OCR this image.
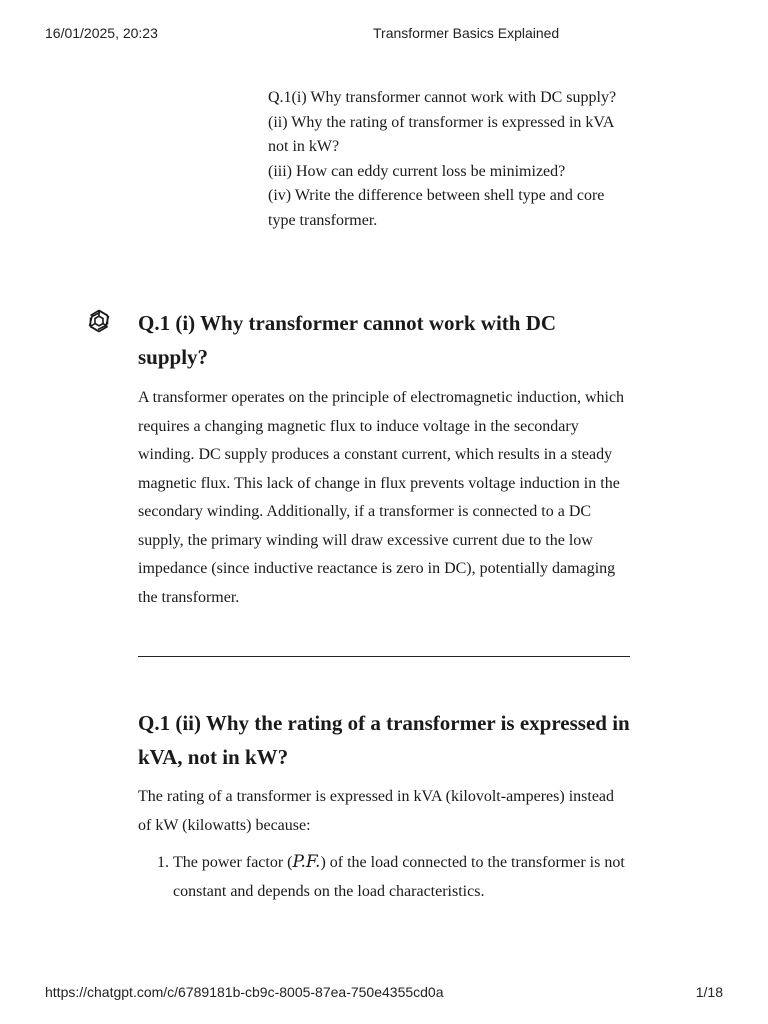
16/01/2025, 20:23	Transformer Basics Explained
Q.1(i) Why transformer cannot work with DC supply?
(ii) Why the rating of transformer is expressed in kVA not in kW?
(iii) How can eddy current loss be minimized?
(iv) Write the difference between shell type and core type transformer.
Q.1 (i) Why transformer cannot work with DC supply?

A transformer operates on the principle of electromagnetic induction, which requires a changing magnetic flux to induce voltage in the secondary winding. DC supply produces a constant current, which results in a steady magnetic flux. This lack of change in flux prevents voltage induction in the secondary winding. Additionally, if a transformer is connected to a DC supply, the primary winding will draw excessive current due to the low impedance (since inductive reactance is zero in DC), potentially damaging the transformer.

Q.1 (ii) Why the rating of a transformer is expressed in kVA, not in kW?

The rating of a transformer is expressed in kVA (kilovolt-amperes) instead of kW (kilowatts) because:

1. The power factor (P.F.) of the load connected to the transformer is not constant and depends on the load characteristics.
https://chatgpt.com/c/6789181b-cb9c-8005-87ea-750e4355cd0a	1/18
